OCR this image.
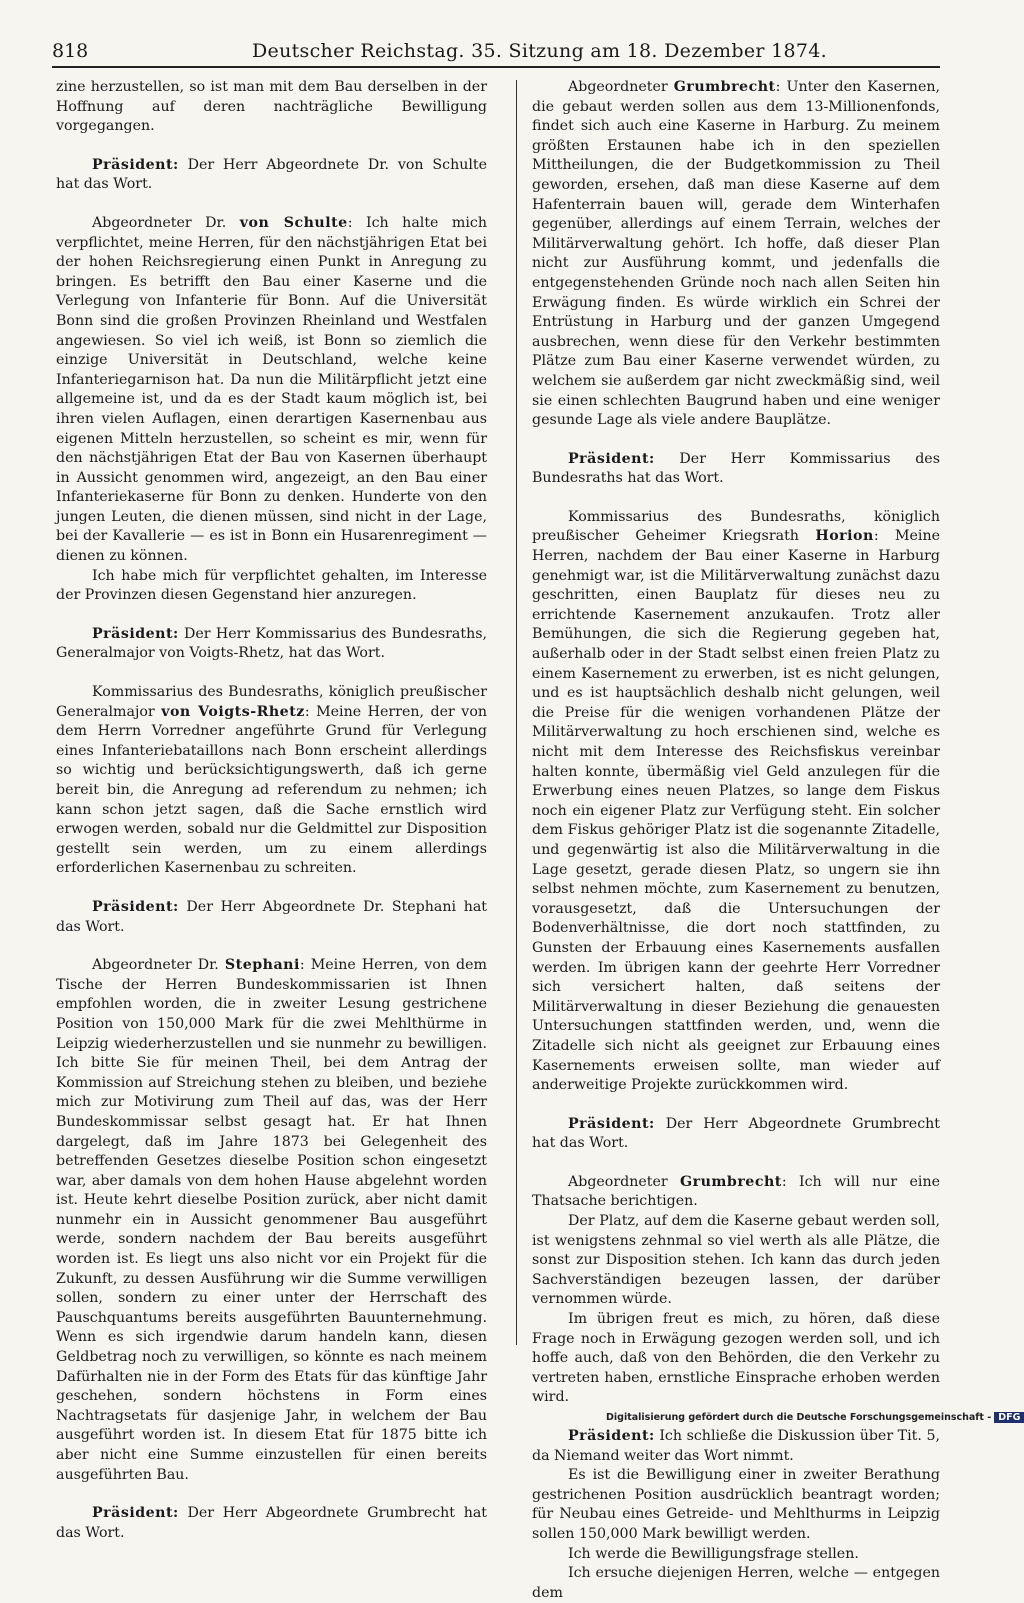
818	Deutscher Reichstag. 35. Sitzung am 18. Dezember 1874.

zine herzustellen, so ist man mit dem Bau derselben in der Hoffnung auf deren nachträgliche Bewilligung vorgegangen.

Präsident: Der Herr Abgeordnete Dr. von Schulte hat das Wort.

Abgeordneter Dr. von Schulte: Ich halte mich verpflichtet, meine Herren, für den nächstjährigen Etat bei der hohen Reichsregierung einen Punkt in Anregung zu bringen. Es betrifft den Bau einer Kaserne und die Verlegung von Infanterie für Bonn. Auf die Universität Bonn sind die großen Provinzen Rheinland und Westfalen angewiesen. So viel ich weiß, ist Bonn so ziemlich die einzige Universität in Deutschland, welche keine Infanteriegarnison hat. Da nun die Militärpflicht jetzt eine allgemeine ist, und da es der Stadt kaum möglich ist, bei ihren vielen Auflagen, einen derartigen Kasernenbau aus eigenen Mitteln herzustellen, so scheint es mir, wenn für den nächstjährigen Etat der Bau von Kasernen überhaupt in Aussicht genommen wird, angezeigt, an den Bau einer Infanteriekaserne für Bonn zu denken. Hunderte von den jungen Leuten, die dienen müssen, sind nicht in der Lage, bei der Kavallerie — es ist in Bonn ein Husarenregiment — dienen zu können.

Ich habe mich für verpflichtet gehalten, im Interesse der Provinzen diesen Gegenstand hier anzuregen.

Präsident: Der Herr Kommissarius des Bundesraths, Generalmajor von Voigts-Rhetz, hat das Wort.

Kommissarius des Bundesraths, königlich preußischer Generalmajor von Voigts-Rhetz: Meine Herren, der von dem Herrn Vorredner angeführte Grund für Verlegung eines Infanteriebataillons nach Bonn erscheint allerdings so wichtig und berücksichtigungswerth, daß ich gerne bereit bin, die Anregung ad referendum zu nehmen; ich kann schon jetzt sagen, daß die Sache ernstlich wird erwogen werden, sobald nur die Geldmittel zur Disposition gestellt sein werden, um zu einem allerdings erforderlichen Kasernenbau zu schreiten.

Präsident: Der Herr Abgeordnete Dr. Stephani hat das Wort.

Abgeordneter Dr. Stephani: Meine Herren, von dem Tische der Herren Bundeskommissarien ist Ihnen empfohlen worden, die in zweiter Lesung gestrichene Position von 150,000 Mark für die zwei Mehlthürme in Leipzig wiederherzustellen und sie nunmehr zu bewilligen. Ich bitte Sie für meinen Theil, bei dem Antrag der Kommission auf Streichung stehen zu bleiben, und beziehe mich zur Motivirung zum Theil auf das, was der Herr Bundeskommissar selbst gesagt hat. Er hat Ihnen dargelegt, daß im Jahre 1873 bei Gelegenheit des betreffenden Gesetzes dieselbe Position schon eingesetzt war, aber damals von dem hohen Hause abgelehnt worden ist. Heute kehrt dieselbe Position zurück, aber nicht damit nunmehr ein in Aussicht genommener Bau ausgeführt werde, sondern nachdem der Bau bereits ausgeführt worden ist. Es liegt uns also nicht vor ein Projekt für die Zukunft, zu dessen Ausführung wir die Summe verwilligen sollen, sondern zu einer unter der Herrschaft des Pauschquantums bereits ausgeführten Bauunternehmung. Wenn es sich irgendwie darum handeln kann, diesen Geldbetrag noch zu verwilligen, so könnte es nach meinem Dafürhalten nie in der Form des Etats für das künftige Jahr geschehen, sondern höchstens in Form eines Nachtragsetats für dasjenige Jahr, in welchem der Bau ausgeführt worden ist. In diesem Etat für 1875 bitte ich aber nicht eine Summe einzustellen für einen bereits ausgeführten Bau.

Präsident: Der Herr Abgeordnete Grumbrecht hat das Wort.

Abgeordneter Grumbrecht: Unter den Kasernen, die gebaut werden sollen aus dem 13-Millionenfonds, findet sich auch eine Kaserne in Harburg. Zu meinem größten Erstaunen habe ich in den speziellen Mittheilungen, die der Budgetkommission zu Theil geworden, ersehen, daß man diese Kaserne auf dem Hafenterrain bauen will, gerade dem Winterhafen gegenüber, allerdings auf einem Terrain, welches der Militärverwaltung gehört. Ich hoffe, daß dieser Plan nicht zur Ausführung kommt, und jedenfalls die entgegenstehenden Gründe noch nach allen Seiten hin Erwägung finden. Es würde wirklich ein Schrei der Entrüstung in Harburg und der ganzen Umgegend ausbrechen, wenn diese für den Verkehr bestimmten Plätze zum Bau einer Kaserne verwendet würden, zu welchem sie außerdem gar nicht zweckmäßig sind, weil sie einen schlechten Baugrund haben und eine weniger gesunde Lage als viele andere Bauplätze.

Präsident: Der Herr Kommissarius des Bundesraths hat das Wort.

Kommissarius des Bundesraths, königlich preußischer Geheimer Kriegsrath Horion: Meine Herren, nachdem der Bau einer Kaserne in Harburg genehmigt war, ist die Militärverwaltung zunächst dazu geschritten, einen Bauplatz für dieses neu zu errichtende Kasernement anzukaufen. Trotz aller Bemühungen, die sich die Regierung gegeben hat, außerhalb oder in der Stadt selbst einen freien Platz zu einem Kasernement zu erwerben, ist es nicht gelungen, und es ist hauptsächlich deshalb nicht gelungen, weil die Preise für die wenigen vorhandenen Plätze der Militärverwaltung zu hoch erschienen sind, welche es nicht mit dem Interesse des Reichsfiskus vereinbar halten konnte, übermäßig viel Geld anzulegen für die Erwerbung eines neuen Platzes, so lange dem Fiskus noch ein eigener Platz zur Verfügung steht. Ein solcher dem Fiskus gehöriger Platz ist die sogenannte Zitadelle, und gegenwärtig ist also die Militärverwaltung in die Lage gesetzt, gerade diesen Platz, so ungern sie ihn selbst nehmen möchte, zum Kasernement zu benutzen, vorausgesetzt, daß die Untersuchungen der Bodenverhältnisse, die dort noch stattfinden, zu Gunsten der Erbauung eines Kasernements ausfallen werden. Im übrigen kann der geehrte Herr Vorredner sich versichert halten, daß seitens der Militärverwaltung in dieser Beziehung die genauesten Untersuchungen stattfinden werden, und, wenn die Zitadelle sich nicht als geeignet zur Erbauung eines Kasernements erweisen sollte, man wieder auf anderweitige Projekte zurückkommen wird.

Präsident: Der Herr Abgeordnete Grumbrecht hat das Wort.

Abgeordneter Grumbrecht: Ich will nur eine Thatsache berichtigen.

Der Platz, auf dem die Kaserne gebaut werden soll, ist wenigstens zehnmal so viel werth als alle Plätze, die sonst zur Disposition stehen. Ich kann das durch jeden Sachverständigen bezeugen lassen, der darüber vernommen würde.

Im übrigen freut es mich, zu hören, daß diese Frage noch in Erwägung gezogen werden soll, und ich hoffe auch, daß von den Behörden, die den Verkehr zu vertreten haben, ernstliche Einsprache erhoben werden wird.

Präsident: Ich schließe die Diskussion über Tit. 5, da Niemand weiter das Wort nimmt.

Es ist die Bewilligung einer in zweiter Berathung gestrichenen Position ausdrücklich beantragt worden; für Neubau eines Getreide- und Mehlthurms in Leipzig sollen 150,000 Mark bewilligt werden.

Ich werde die Bewilligungsfrage stellen.

Ich ersuche diejenigen Herren, welche — entgegen dem

Digitalisierung gefördert durch die Deutsche Forschungsgemeinschaft - DFG
